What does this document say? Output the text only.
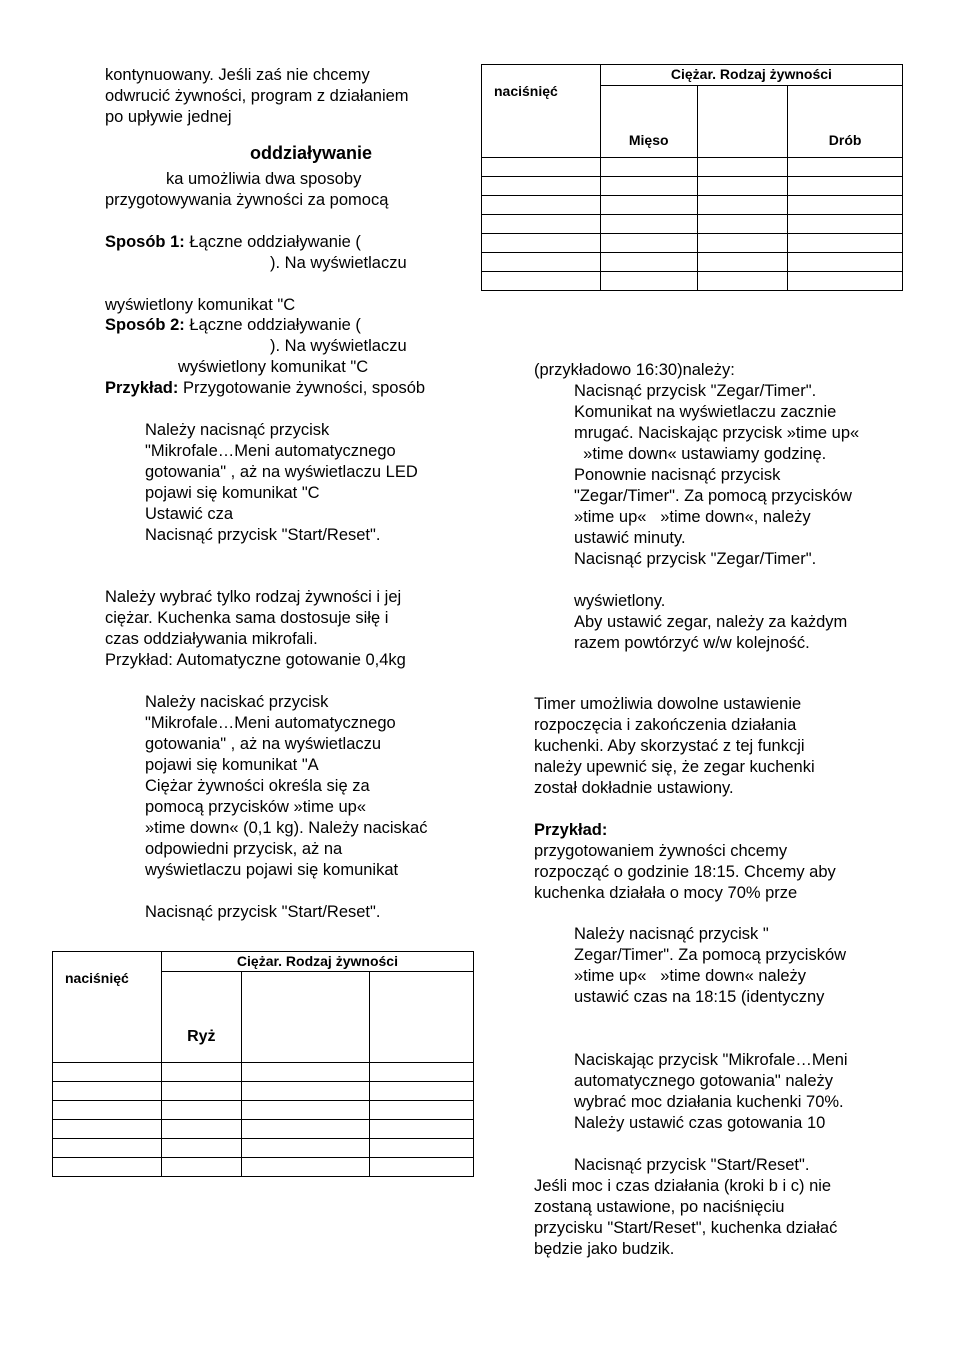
kontynuowany. Jeśli zaś nie chcemy
odwrucić żywności, program z działaniem
po upływie jednej
oddziaływanie
ka umożliwia dwa sposoby
przygotowywania żywności za pomocą
Sposób 1: Łączne oddziaływanie (
). Na wyświetlaczu
wyświetlony komunikat "C
Sposób 2: Łączne oddziaływanie (
). Na wyświetlaczu
wyświetlony komunikat "C
Przykład: Przygotowanie żywności, sposób
Należy nacisnąć przycisk
"Mikrofale…Meni automatycznego
gotowania" , aż na wyświetlaczu LED
pojawi się komunikat "C
Ustawić cza
Nacisnąć przycisk "Start/Reset".
Należy wybrać tylko rodzaj żywności i jej
ciężar. Kuchenka sama dostosuje siłę i
czas oddziaływania mikrofali.
Przykład: Automatyczne gotowanie 0,4kg
Należy naciskać przycisk
"Mikrofale…Meni automatycznego
gotowania" , aż na wyświetlaczu
pojawi się komunikat "A
Ciężar żywności określa się za
pomocą przycisków »time up«
»time down« (0,1 kg). Należy naciskać
odpowiedni przycisk, aż na
wyświetlaczu pojawi się komunikat
Nacisnąć przycisk "Start/Reset".
naciśnięć	Ciężar. Rodzaj żywności		
	Ryż		

naciśnięć	Ciężar. Rodzaj żywności		
	Mięso		Drób

(przykładowo 16:30)należy:
Nacisnąć przycisk "Zegar/Timer".
Komunikat na wyświetlaczu zacznie
mrugać. Naciskając przycisk »time up«
»time down« ustawiamy godzinę.
Ponownie nacisnąć przycisk
"Zegar/Timer". Za pomocą przycisków
»time up«   »time down«, należy
ustawić minuty.
Nacisnąć przycisk "Zegar/Timer".
wyświetlony.
Aby ustawić zegar, należy za każdym
razem powtórzyć w/w kolejność.
Timer umożliwia dowolne ustawienie
rozpoczęcia i zakończenia działania
kuchenki. Aby skorzystać z tej funkcji
należy upewnić się, że zegar kuchenki
został dokładnie ustawiony.
Przykład:
przygotowaniem żywności chcemy
rozpocząć o godzinie 18:15. Chcemy aby
kuchenka działała o mocy 70% prze
Należy nacisnąć przycisk "
Zegar/Timer". Za pomocą przycisków
»time up«   »time down« należy
ustawić czas na 18:15 (identyczny
Naciskając przycisk "Mikrofale…Meni
automatycznego gotowania" należy
wybrać moc działania kuchenki 70%.
Należy ustawić czas gotowania 10
Nacisnąć przycisk "Start/Reset".
Jeśli moc i czas działania (kroki b i c) nie
zostaną ustawione, po naciśnięciu
przycisku "Start/Reset", kuchenka działać
będzie jako budzik.
